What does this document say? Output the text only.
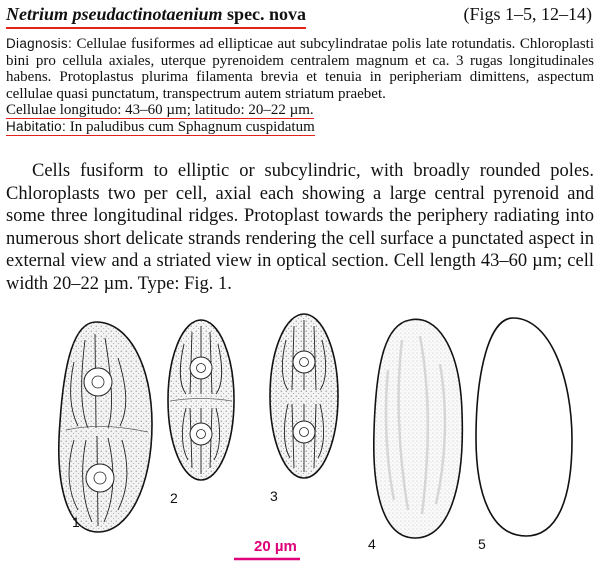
Netrium pseudactinotaenium spec. nova	(Figs 1–5, 12–14)

Diagnosis: Cellulae fusiformes ad ellipticae aut subcylindratae polis late rotundatis. Chloroplasti bini pro cellula axiales, uterque pyrenoidem centralem magnum et ca. 3 rugas longitudinales habens. Protoplastus plurima filamenta brevia et tenuia in peripheriam dimittens, aspectum cellulae quasi punctatum, transpectrum autem striatum praebet.

Cellulae longitudo: 43–60 µm; latitudo: 20–22 µm.

Habitatio: In paludibus cum Sphagnum cuspidatum

Cells fusiform to elliptic or subcylindric, with broadly rounded poles. Chloroplasts two per cell, axial each showing a large central pyrenoid and some three longitudinal ridges. Protoplast towards the periphery radiating into numerous short delicate strands rendering the cell surface a punctated aspect in external view and a striated view in optical section. Cell length 43–60 µm; cell width 20–22 µm. Type: Fig. 1.

1
2	3
4	5
20 µm
